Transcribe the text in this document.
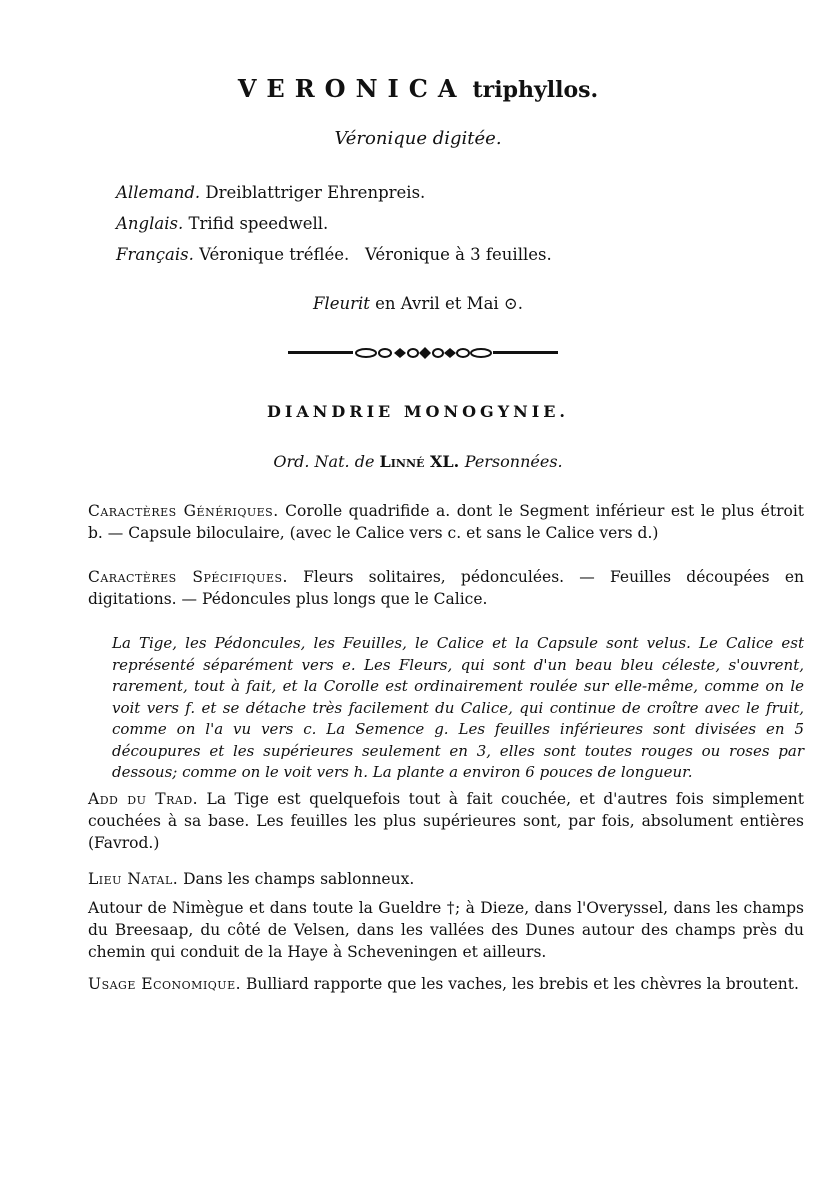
VERONICA triphyllos.
Véronique digitée.
Allemand. Dreiblattriger Ehrenpreis.
Anglais. Trifid speedwell.
Français. Véronique tréflée.   Véronique à 3 feuilles.
Fleurit en Avril et Mai ⊙.
DIANDRIE MONOGYNIE.
Ord. Nat. de Linné XL. Personnées.
Caractères Génériques. Corolle quadrifide a. dont le Segment inférieur est le plus étroit b. — Capsule biloculaire, (avec le Calice vers c. et sans le Calice vers d.)
Caractères Spécifiques. Fleurs solitaires, pédonculées. — Feuilles découpées en digitations. — Pédoncules plus longs que le Calice.
La Tige, les Pédoncules, les Feuilles, le Calice et la Capsule sont velus. Le Calice est représenté séparément vers e. Les Fleurs, qui sont d'un beau bleu céleste, s'ouvrent, rarement, tout à fait, et la Corolle est ordinairement roulée sur elle-même, comme on le voit vers f. et se détache très facilement du Calice, qui continue de croître avec le fruit, comme on l'a vu vers c. La Semence g. Les feuilles inférieures sont divisées en 5 découpures et les supérieures seulement en 3, elles sont toutes rouges ou roses par dessous; comme on le voit vers h. La plante a environ 6 pouces de longueur.
Add du Trad. La Tige est quelquefois tout à fait couchée, et d'autres fois simplement couchées à sa base. Les feuilles les plus supérieures sont, par fois, absolument entières (Favrod.)
Lieu Natal. Dans les champs sablonneux.
Autour de Nimègue et dans toute la Gueldre †; à Dieze, dans l'Overyssel, dans les champs du Breesaap, du côté de Velsen, dans les vallées des Dunes autour des champs près du chemin qui conduit de la Haye à Scheveningen et ailleurs.
Usage Economique. Bulliard rapporte que les vaches, les brebis et les chèvres la broutent.
